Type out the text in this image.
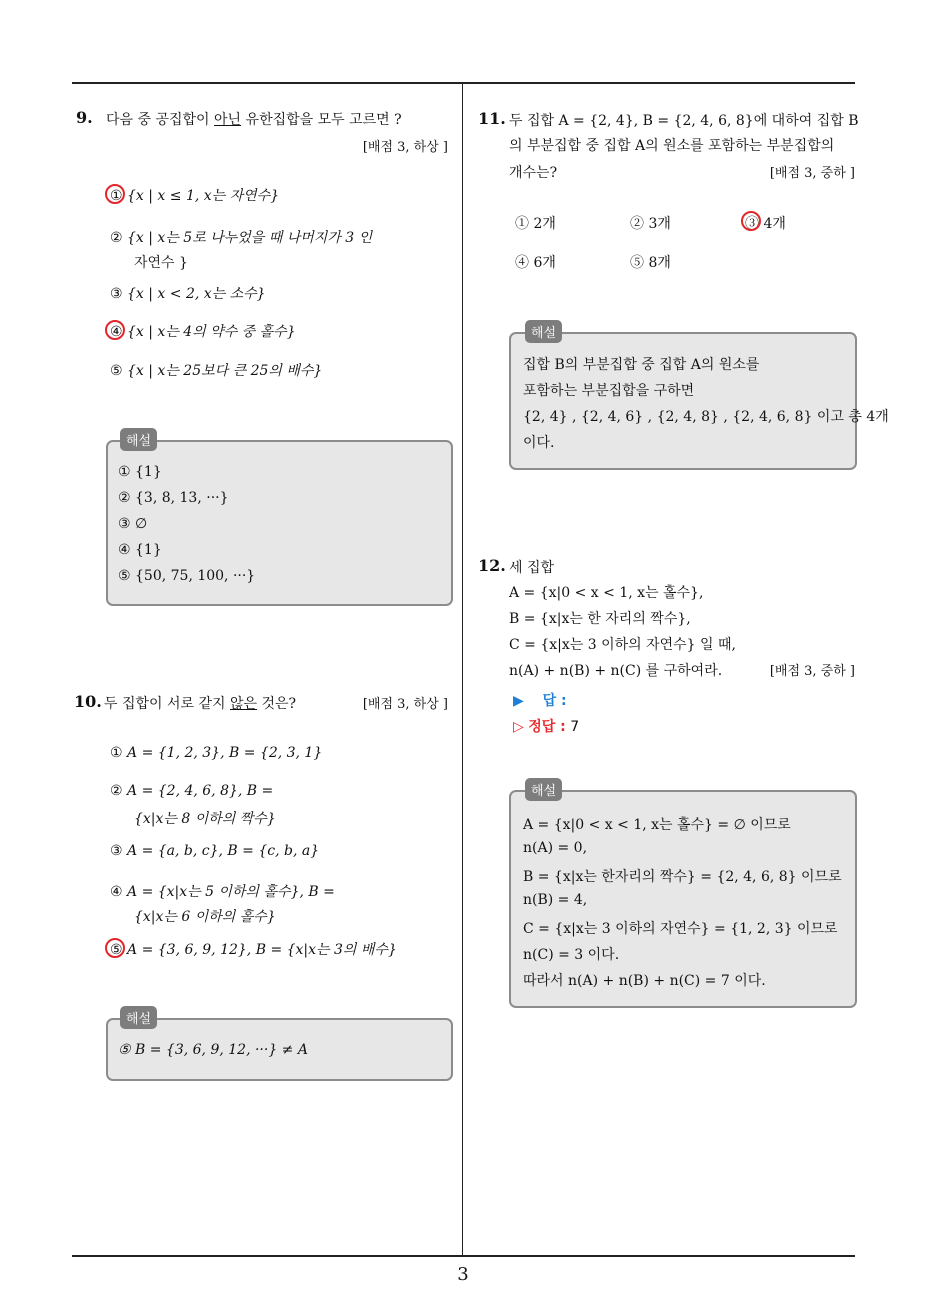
9. 다음 중 공집합이 아닌 유한집합을 모두 고르면 ?
[배점 3, 하상 ]
① {x | x ≤ 1, x는 자연수}
② {x | x는 5로 나누었을 때 나머지가 3 인
자연수 }
③ {x | x < 2, x는 소수}
④ {x | x는 4의 약수 중 홀수}
⑤ {x | x는 25보다 큰 25의 배수}
해설
① {1}
② {3, 8, 13, ···}
③ ∅
④ {1}
⑤ {50, 75, 100, ···}
10. 두 집합이 서로 같지 않은 것은?	[배점 3, 하상 ]
① A = {1, 2, 3}, B = {2, 3, 1}
② A = {2, 4, 6, 8}, B =
{x|x는 8 이하의 짝수}
③ A = {a, b, c}, B = {c, b, a}
④ A = {x|x는 5 이하의 홀수}, B =
{x|x는 6 이하의 홀수}
⑤ A = {3, 6, 9, 12}, B = {x|x는 3의 배수}
해설
⑤ B = {3, 6, 9, 12, ···} ≠ A
11. 두 집합 A = {2, 4}, B = {2, 4, 6, 8}에 대하여 집합 B
의 부분집합 중 집합 A의 원소를 포함하는 부분집합의
개수는?	[배점 3, 중하 ]
① 2개	② 3개	③ 4개
④ 6개	⑤ 8개
해설
집합 B의 부분집합 중 집합 A의 원소를
포함하는 부분집합을 구하면
{2, 4} , {2, 4, 6} , {2, 4, 8} , {2, 4, 6, 8} 이고 총 4개
이다.
12. 세 집합
A = {x|0 < x < 1, x는 홀수},
B = {x|x는 한 자리의 짝수},
C = {x|x는 3 이하의 자연수} 일 때,
n(A) + n(B) + n(C) 를 구하여라.	[배점 3, 중하 ]
▶ 답 :
▷ 정답 : 7
해설
A = {x|0 < x < 1, x는 홀수} = ∅ 이므로
n(A) = 0,
B = {x|x는 한자리의 짝수} = {2, 4, 6, 8} 이므로
n(B) = 4,
C = {x|x는 3 이하의 자연수} = {1, 2, 3} 이므로
n(C) = 3 이다.
따라서 n(A) + n(B) + n(C) = 7 이다.
3
